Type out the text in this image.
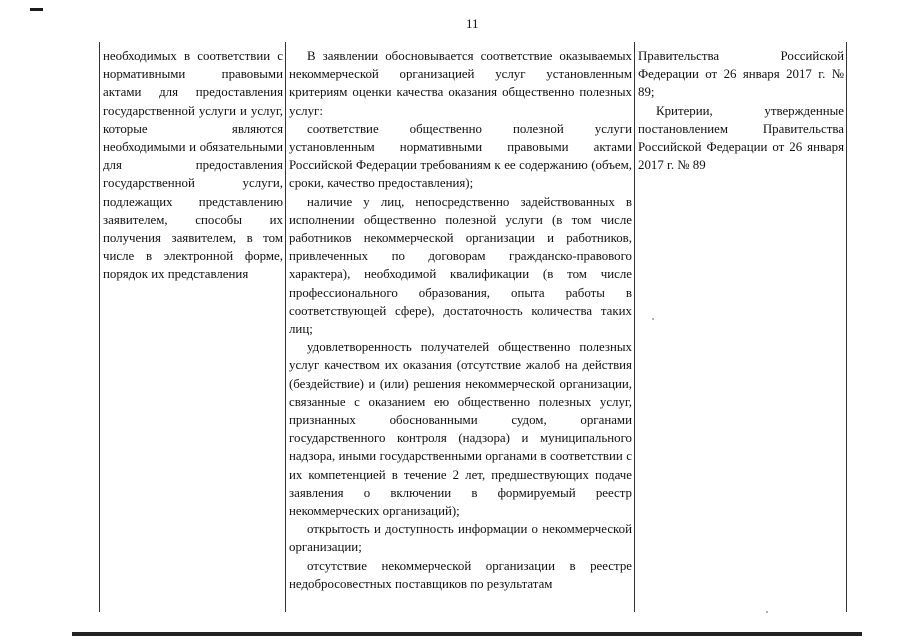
11

необходимых в соответствии с нормативными правовыми актами для предоставления государственной услуги и услуг, которые являются необходимыми и обязательными для предоставления государственной услуги, подлежащих представлению заявителем, способы их получения заявителем, в том числе в электронной форме, порядок их представления

В заявлении обосновывается соответствие оказываемых некоммерческой организацией услуг установленным критериям оценки качества оказания общественно полезных услуг:

соответствие общественно полезной услуги установленным нормативными правовыми актами Российской Федерации требованиям к ее содержанию (объем, сроки, качество предоставления);

наличие у лиц, непосредственно задействованных в исполнении общественно полезной услуги (в том числе работников некоммерческой организации и работников, привлеченных по договорам гражданско-правового характера), необходимой квалификации (в том числе профессионального образования, опыта работы в соответствующей сфере), достаточность количества таких лиц;

удовлетворенность получателей общественно полезных услуг качеством их оказания (отсутствие жалоб на действия (бездействие) и (или) решения некоммерческой организации, связанные с оказанием ею общественно полезных услуг, признанных обоснованными судом, органами государственного контроля (надзора) и муниципального надзора, иными государственными органами в соответствии с их компетенцией в течение 2 лет, предшествующих подаче заявления о включении в формируемый реестр некоммерческих организаций);

открытость и доступность информации о некоммерческой организации;

отсутствие некоммерческой организации в реестре недобросовестных поставщиков по результатам

Правительства Российской Федерации от 26 января 2017 г. № 89;

Критерии, утвержденные постановлением Правительства Российской Федерации от 26 января 2017 г. № 89
